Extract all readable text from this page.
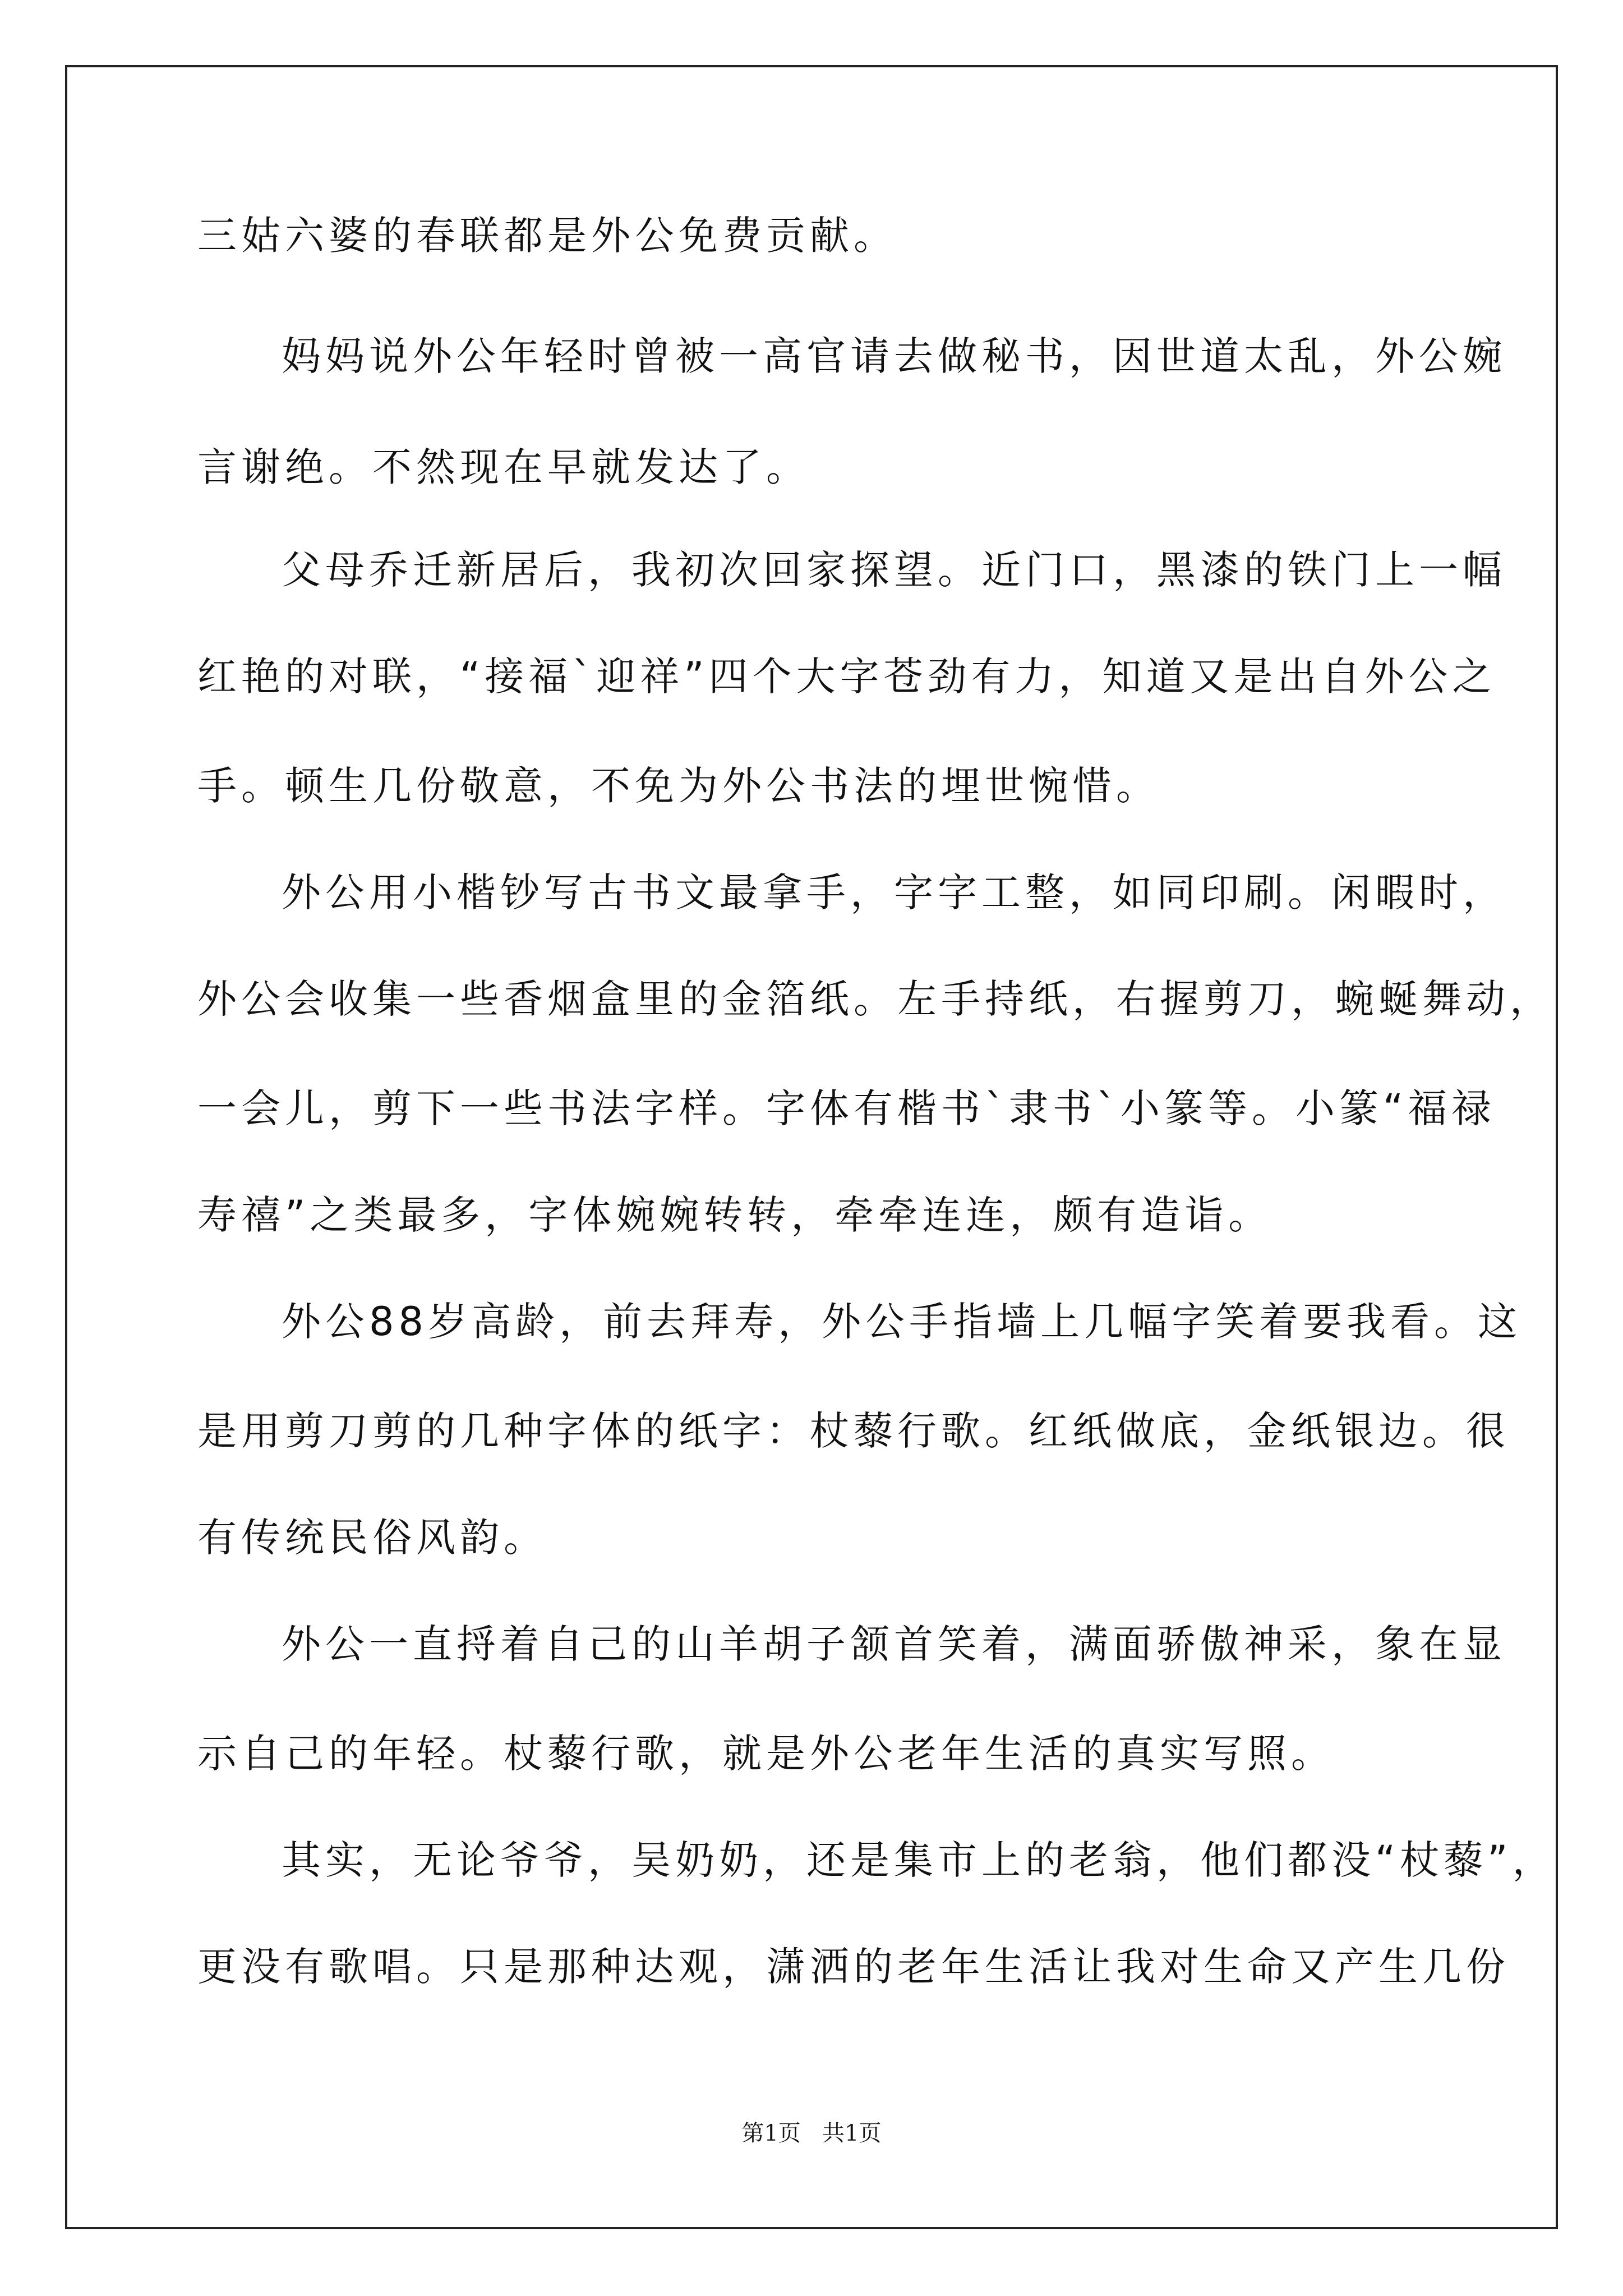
三姑六婆的春联都是外公免费贡献。

妈妈说外公年轻时曾被一高官请去做秘书，因世道太乱，外公婉

言谢绝。不然现在早就发达了。

父母乔迁新居后，我初次回家探望。近门口，黑漆的铁门上一幅

红艳的对联，“接福`迎祥”四个大字苍劲有力，知道又是出自外公之

手。顿生几份敬意，不免为外公书法的埋世惋惜。

外公用小楷钞写古书文最拿手，字字工整，如同印刷。闲暇时，

外公会收集一些香烟盒里的金箔纸。左手持纸，右握剪刀，蜿蜒舞动，

一会儿，剪下一些书法字样。字体有楷书`隶书`小篆等。小篆“福禄

寿禧”之类最多，字体婉婉转转，牵牵连连，颇有造诣。

外公88岁高龄，前去拜寿，外公手指墙上几幅字笑着要我看。这

是用剪刀剪的几种字体的纸字：杖藜行歌。红纸做底，金纸银边。很

有传统民俗风韵。

外公一直捋着自己的山羊胡子颔首笑着，满面骄傲神采，象在显

示自己的年轻。杖藜行歌，就是外公老年生活的真实写照。

其实，无论爷爷，吴奶奶，还是集市上的老翁，他们都没“杖藜”，

更没有歌唱。只是那种达观，潇洒的老年生活让我对生命又产生几份

第1页   共1页
